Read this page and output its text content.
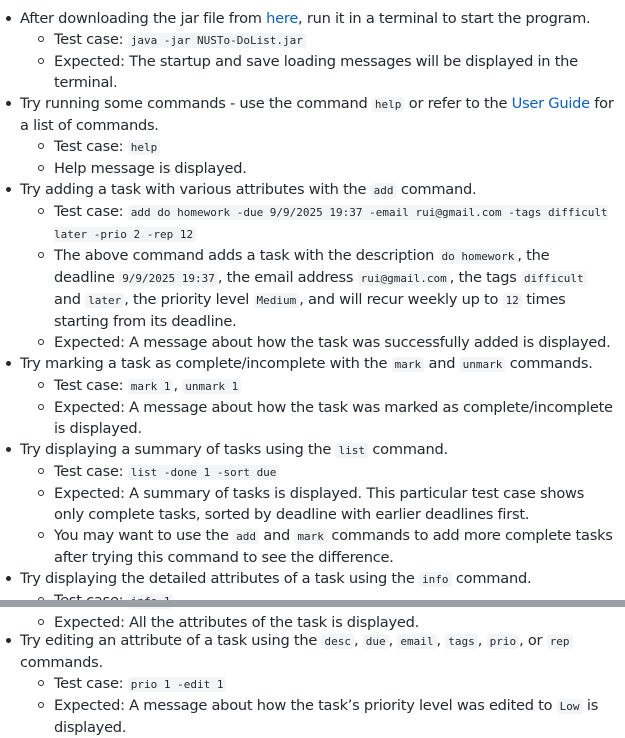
After downloading the jar file from here, run it in a terminal to start the program.
Test case: java -jar NUSTo-DoList.jar
Expected: The startup and save loading messages will be displayed in the terminal.
Try running some commands - use the command help or refer to the User Guide for a list of commands.
Test case: help
Help message is displayed.
Try adding a task with various attributes with the add command.
Test case: add do homework -due 9/9/2025 19:37 -email rui@gmail.com -tags difficult later -prio 2 -rep 12
The above command adds a task with the description do homework , the deadline 9/9/2025 19:37 , the email address rui@gmail.com , the tags difficult and later , the priority level Medium , and will recur weekly up to 12 times starting from its deadline.
Expected: A message about how the task was successfully added is displayed.
Try marking a task as complete/incomplete with the mark and unmark commands.
Test case: mark 1 , unmark 1
Expected: A message about how the task was marked as complete/incomplete is displayed.
Try displaying a summary of tasks using the list command.
Test case: list -done 1 -sort due
Expected: A summary of tasks is displayed. This particular test case shows only complete tasks, sorted by deadline with earlier deadlines first.
You may want to use the add and mark commands to add more complete tasks after trying this command to see the difference.
Try displaying the detailed attributes of a task using the info command.
Expected: All the attributes of the task is displayed.
Try editing an attribute of a task using the desc , due , email , tags , prio , or rep commands.
Test case: prio 1 -edit 1
Expected: A message about how the task’s priority level was edited to Low is displayed.
